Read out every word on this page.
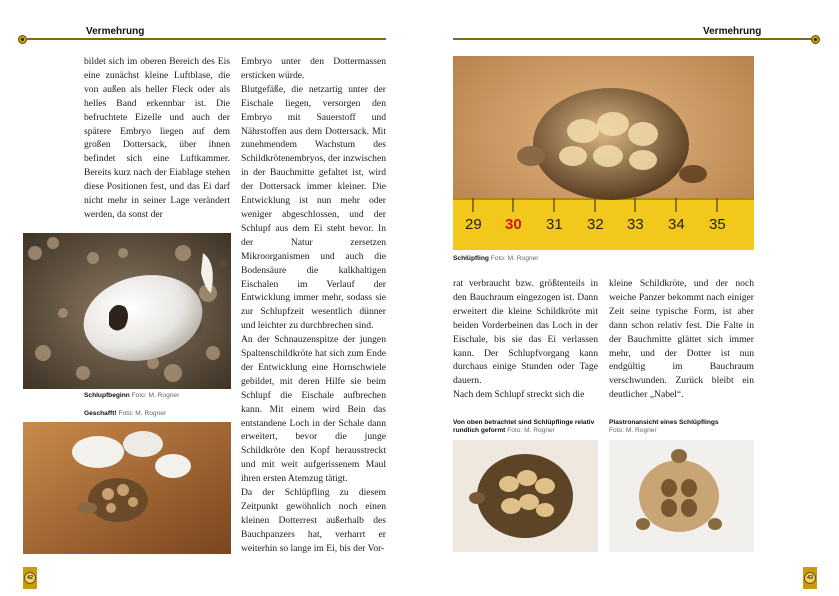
Vermehrung

bildet sich im oberen Bereich des Eis eine zunächst kleine Luftblase, die von außen als heller Fleck oder als helles Band erkennbar ist. Die befruchtete Eizelle und auch der spätere Embryo liegen auf dem großen Dottersack, über ihnen befindet sich eine Luftkammer. Bereits kurz nach der Eiablage stehen diese Positionen fest, und das Ei darf nicht mehr in seiner Lage verändert werden, da sonst der

Embryo unter den Dottermassen ersticken würde.

Blutgefäße, die netzartig unter der Eischale liegen, versorgen den Embryo mit Sauerstoff und Nährstoffen aus dem Dottersack. Mit zunehmendem Wachstum des Schildkrötenembryos, der inzwischen in der Bauchmitte gefaltet ist, wird der Dottersack immer kleiner. Die Entwicklung ist nun mehr oder weniger abgeschlossen, und der Schlupf aus dem Ei steht bevor. In der Natur zersetzen Mikroorganismen und auch die Bodensäure die kalkhaltigen Eischalen im Verlauf der Entwicklung immer mehr, sodass sie zur Schlupfzeit wesentlich dünner und leichter zu durchbrechen sind.

An der Schnauzenspitze der jungen Spaltenschildkröte hat sich zum Ende der Entwicklung eine Hornschwiele gebildet, mit deren Hilfe sie beim Schlupf die Eischale aufbrechen kann. Mit einem wird Bein das entstandene Loch in der Schale dann erweitert, bevor die junge Schildkröte den Kopf herausstreckt und mit weit aufgerissenem Maul ihren ersten Atemzug tätigt.

Da der Schlüpfling zu diesem Zeitpunkt gewöhnlich noch einen kleinen Dotterrest außerhalb des Bauchpanzers hat, verharrt er weiterhin so lange im Ei, bis der Vor-

Schlupfbeginn Foto: M. Rogner
Geschafft! Foto: M. Rogner
42
Vermehrung
29 30 31 32 33 34 35
Schlüpfling Foto: M. Rogner

rat verbraucht bzw. größtenteils in den Bauchraum eingezogen ist. Dann erweitert die kleine Schildkröte mit beiden Vorderbeinen das Loch in der Eischale, bis sie das Ei verlassen kann. Der Schlupfvorgang kann durchaus einige Stunden oder Tage dauern.

Nach dem Schlupf streckt sich die

kleine Schildkröte, und der noch weiche Panzer bekommt nach einiger Zeit seine typische Form, ist aber dann schon relativ fest. Die Falte in der Bauchmitte glättet sich immer mehr, und der Dotter ist nun endgültig im Bauchraum verschwunden. Zurück bleibt ein deutlicher „Nabel“.

Von oben betrachtet sind Schlüpflinge relativ rundlich geformt Foto: M. Rogner
Plastronansicht eines Schlüpflings
Foto: M. Rogner
43
